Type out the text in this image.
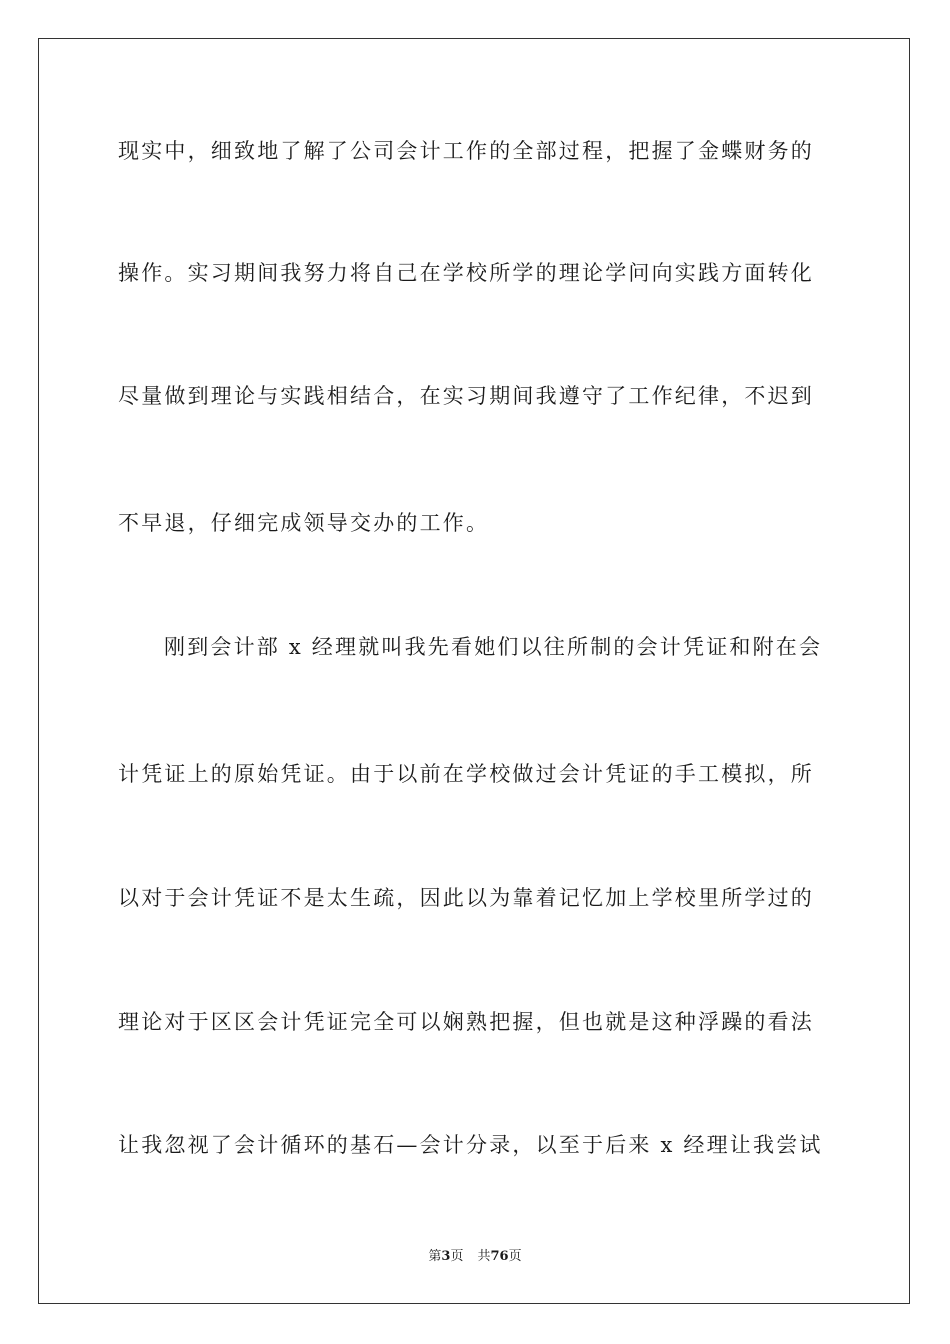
现实中，细致地了解了公司会计工作的全部过程，把握了金蝶财务的
操作。实习期间我努力将自己在学校所学的理论学问向实践方面转化
尽量做到理论与实践相结合，在实习期间我遵守了工作纪律，不迟到
不早退，仔细完成领导交办的工作。
刚到会计部 x 经理就叫我先看她们以往所制的会计凭证和附在会
计凭证上的原始凭证。由于以前在学校做过会计凭证的手工模拟，所
以对于会计凭证不是太生疏，因此以为靠着记忆加上学校里所学过的
理论对于区区会计凭证完全可以娴熟把握，但也就是这种浮躁的看法
让我忽视了会计循环的基石—会计分录，以至于后来 x 经理让我尝试
第3页 共76页
